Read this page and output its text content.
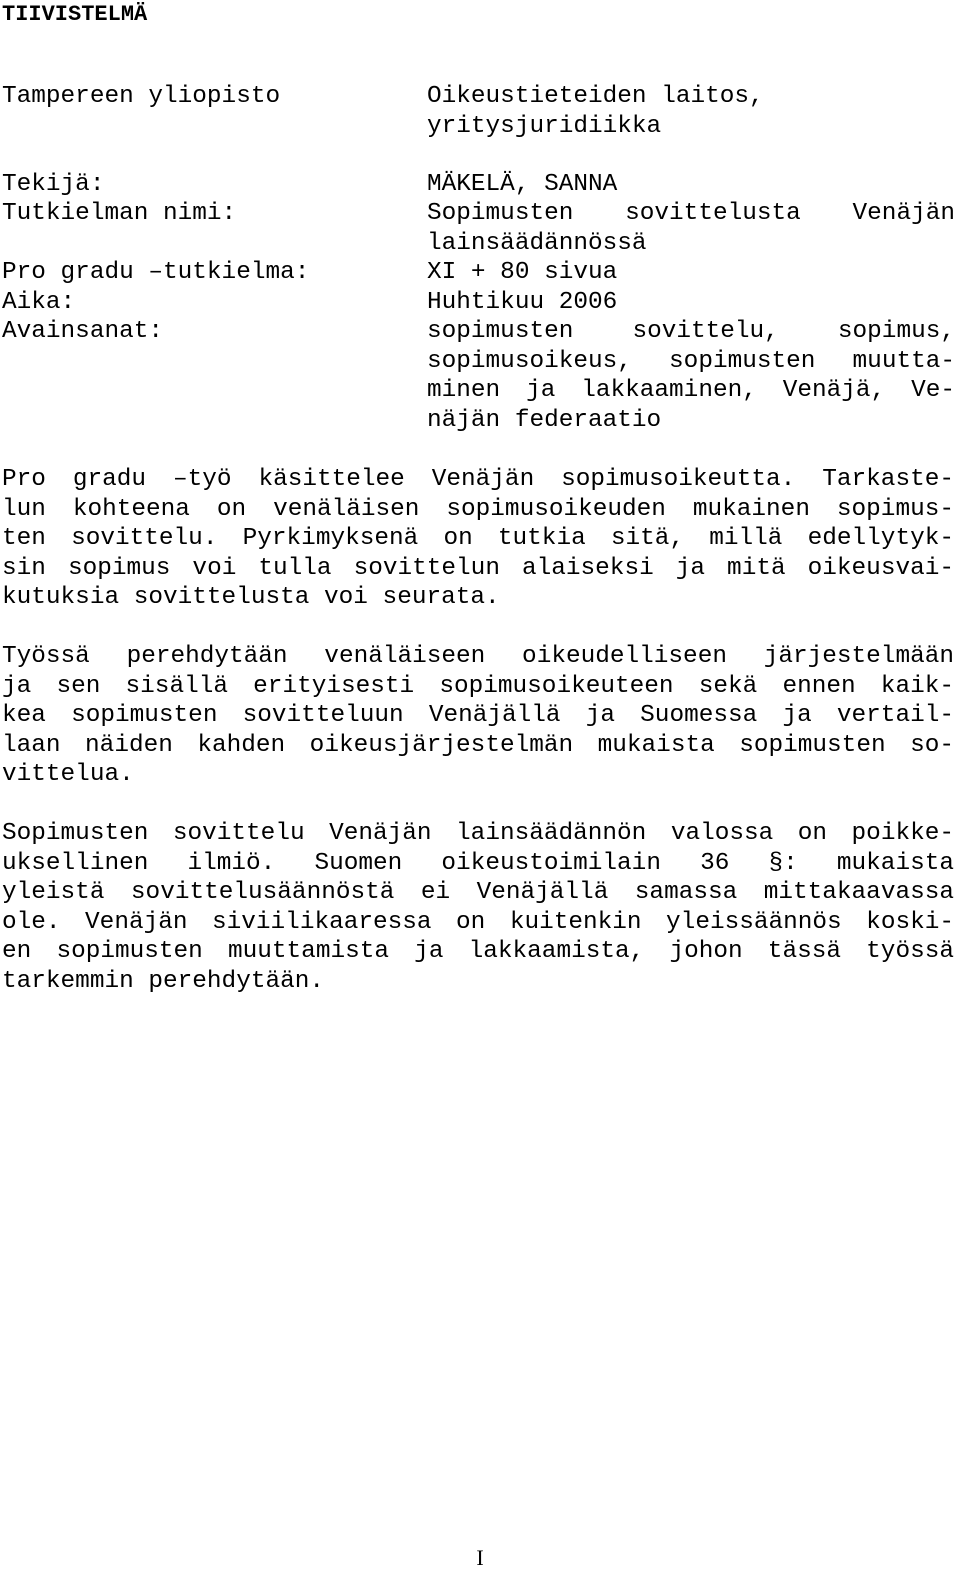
TIIVISTELMÄ
Tampereen yliopisto	Oikeustieteiden laitos,
yritysjuridiikka
Tekijä:	MÄKELÄ, SANNA
Tutkielman nimi:	Sopimusten sovittelusta Venäjän
lainsäädännössä
Pro gradu –tutkielma:	XI + 80 sivua
Aika:	Huhtikuu 2006
Avainsanat:	sopimusten sovittelu, sopimus,
sopimusoikeus, sopimusten muutta-
minen ja lakkaaminen, Venäjä, Ve-
näjän federaatio
Pro gradu –työ käsittelee Venäjän sopimusoikeutta. Tarkaste-
lun kohteena on venäläisen sopimusoikeuden mukainen sopimus-
ten sovittelu. Pyrkimyksenä on tutkia sitä, millä edellytyk-
sin sopimus voi tulla sovittelun alaiseksi ja mitä oikeusvai-
kutuksia sovittelusta voi seurata.
Työssä perehdytään venäläiseen oikeudelliseen järjestelmään
ja sen sisällä erityisesti sopimusoikeuteen sekä ennen kaik-
kea sopimusten sovitteluun Venäjällä ja Suomessa ja vertail-
laan näiden kahden oikeusjärjestelmän mukaista sopimusten so-
vittelua.
Sopimusten sovittelu Venäjän lainsäädännön valossa on poikke-
uksellinen ilmiö. Suomen oikeustoimilain 36 §: mukaista
yleistä sovittelusäännöstä ei Venäjällä samassa mittakaavassa
ole. Venäjän siviilikaaressa on kuitenkin yleissäännös koski-
en sopimusten muuttamista ja lakkaamista, johon tässä työssä
tarkemmin perehdytään.
I
